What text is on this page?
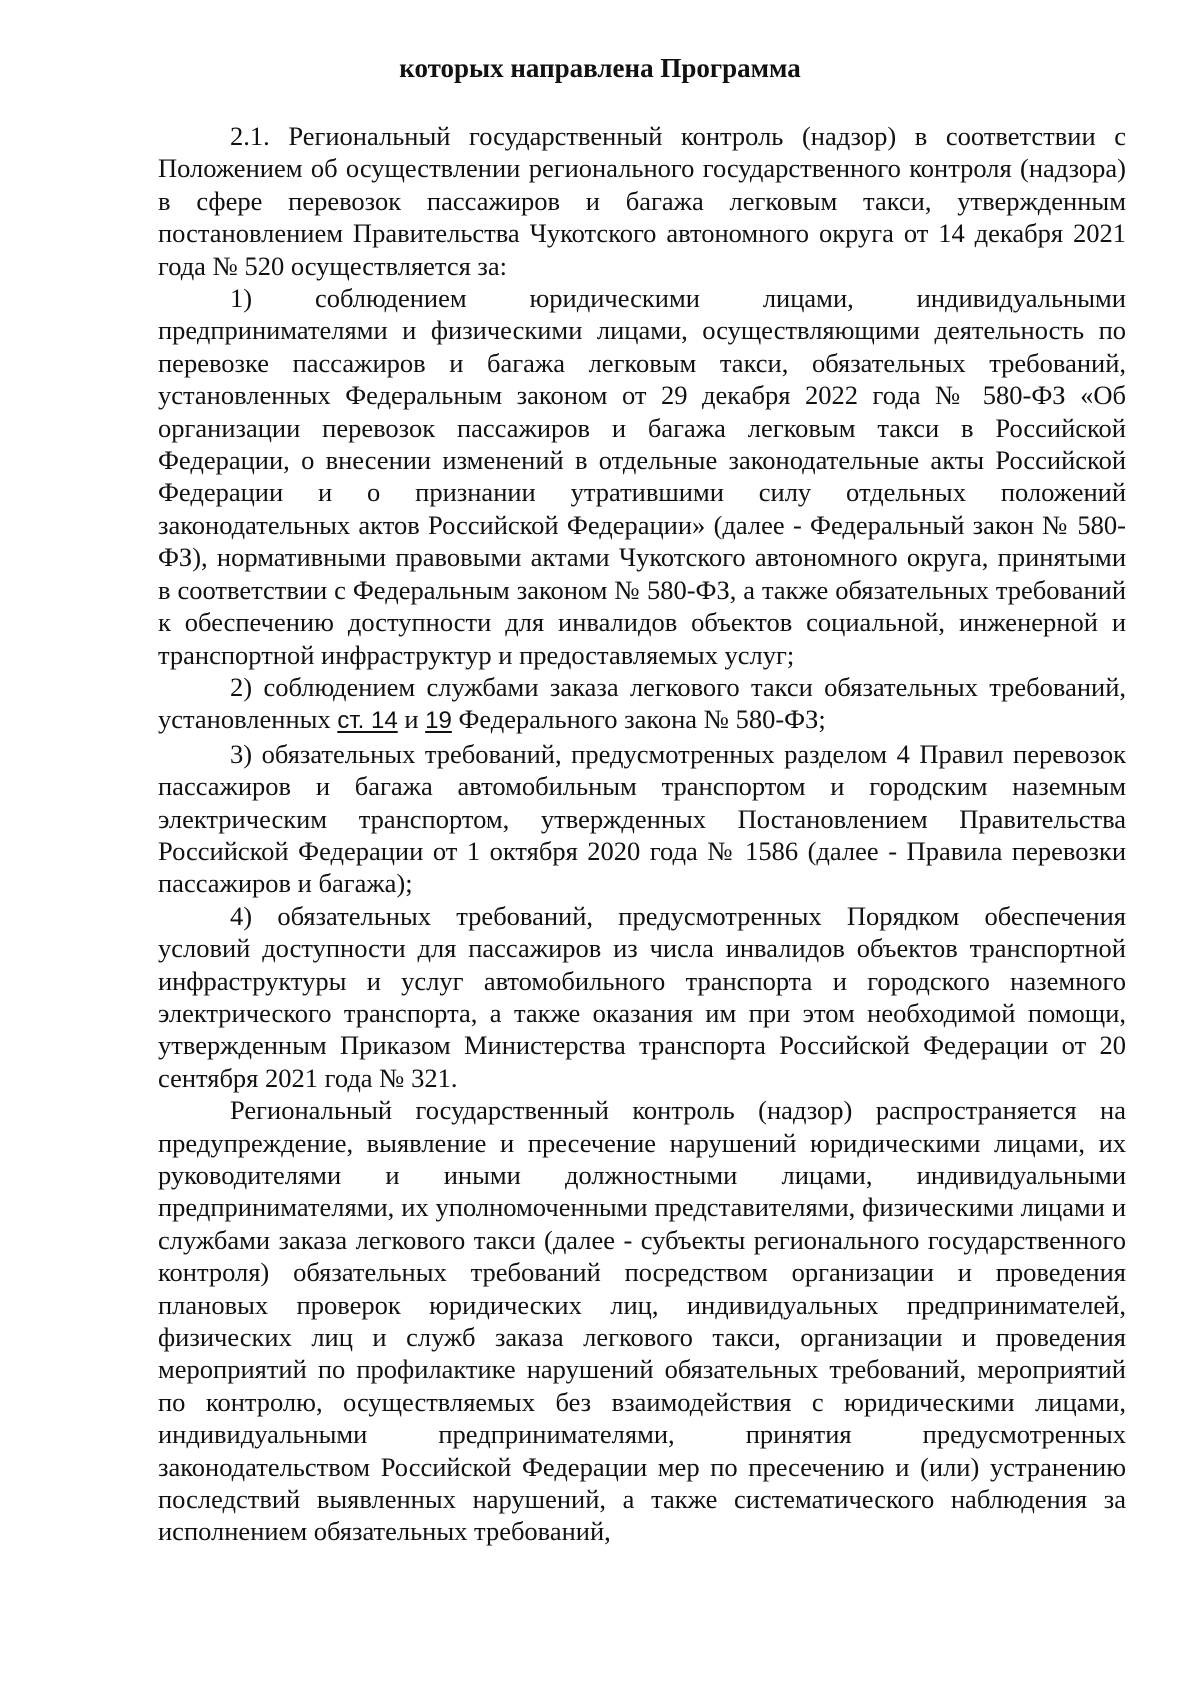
которых направлена Программа

2.1. Региональный государственный контроль (надзор) в соответствии с Положением об осуществлении регионального государственного контроля (надзора) в сфере перевозок пассажиров и багажа легковым такси, утвержденным постановлением Правительства Чукотского автономного округа от 14 декабря 2021 года № 520 осуществляется за:

1) соблюдением юридическими лицами, индивидуальными предпринимателями и физическими лицами, осуществляющими деятельность по перевозке пассажиров и багажа легковым такси, обязательных требований, установленных Федеральным законом от 29 декабря 2022 года № 580-ФЗ «Об организации перевозок пассажиров и багажа легковым такси в Российской Федерации, о внесении изменений в отдельные законодательные акты Российской Федерации и о признании утратившими силу отдельных положений законодательных актов Российской Федерации» (далее - Федеральный закон № 580-ФЗ), нормативными правовыми актами Чукотского автономного округа, принятыми в соответствии с Федеральным законом № 580-ФЗ, а также обязательных требований к обеспечению доступности для инвалидов объектов социальной, инженерной и транспортной инфраструктур и предоставляемых услуг;

2) соблюдением службами заказа легкового такси обязательных требований, установленных ст. 14 и 19 Федерального закона № 580-ФЗ;

3) обязательных требований, предусмотренных разделом 4 Правил перевозок пассажиров и багажа автомобильным транспортом и городским наземным электрическим транспортом, утвержденных Постановлением Правительства Российской Федерации от 1 октября 2020 года № 1586 (далее - Правила перевозки пассажиров и багажа);

4) обязательных требований, предусмотренных Порядком обеспечения условий доступности для пассажиров из числа инвалидов объектов транспортной инфраструктуры и услуг автомобильного транспорта и городского наземного электрического транспорта, а также оказания им при этом необходимой помощи, утвержденным Приказом Министерства транспорта Российской Федерации от 20 сентября 2021 года № 321.

Региональный государственный контроль (надзор) распространяется на предупреждение, выявление и пресечение нарушений юридическими лицами, их руководителями и иными должностными лицами, индивидуальными предпринимателями, их уполномоченными представителями, физическими лицами и службами заказа легкового такси (далее - субъекты регионального государственного контроля) обязательных требований посредством организации и проведения плановых проверок юридических лиц, индивидуальных предпринимателей, физических лиц и служб заказа легкового такси, организации и проведения мероприятий по профилактике нарушений обязательных требований, мероприятий по контролю, осуществляемых без взаимодействия с юридическими лицами, индивидуальными предпринимателями, принятия предусмотренных законодательством Российской Федерации мер по пресечению и (или) устранению последствий выявленных нарушений, а также систематического наблюдения за исполнением обязательных требований,
